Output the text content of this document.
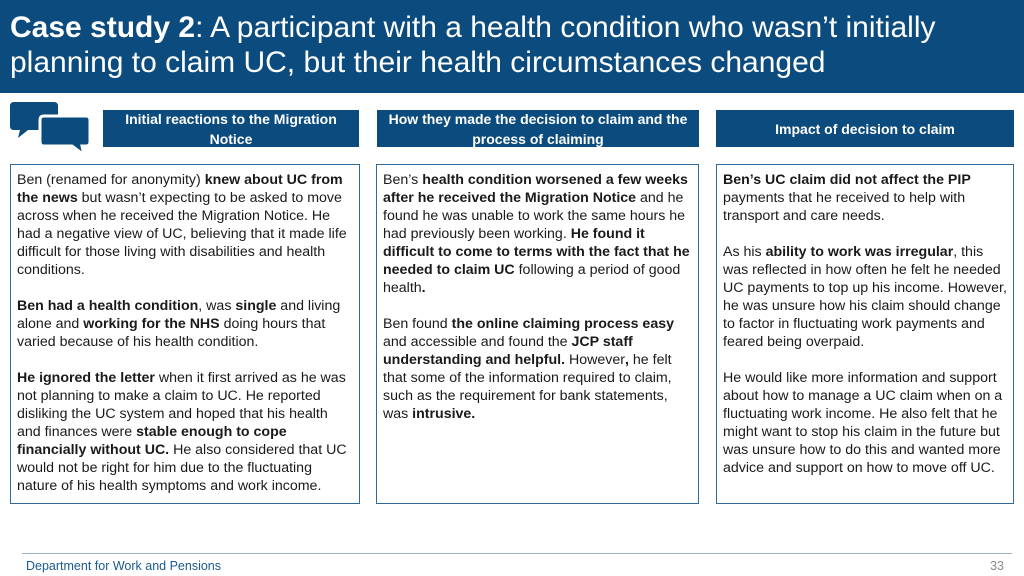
Case study 2: A participant with a health condition who wasn’t initially planning to claim UC, but their health circumstances changed
Initial reactions to the Migration Notice
How they made the decision to claim and the process of claiming
Impact of decision to claim

Ben (renamed for anonymity) knew about UC from the news but wasn’t expecting to be asked to move across when he received the Migration Notice. He had a negative view of UC, believing that it made life difficult for those living with disabilities and health conditions.

Ben had a health condition, was single and living alone and working for the NHS doing hours that varied because of his health condition.

He ignored the letter when it first arrived as he was not planning to make a claim to UC. He reported disliking the UC system and hoped that his health and finances were stable enough to cope financially without UC. He also considered that UC would not be right for him due to the fluctuating nature of his health symptoms and work income.

Ben’s health condition worsened a few weeks after he received the Migration Notice and he found he was unable to work the same hours he had previously been working. He found it difficult to come to terms with the fact that he needed to claim UC following a period of good health.

Ben found the online claiming process easy and accessible and found the JCP staff understanding and helpful. However, he felt that some of the information required to claim, such as the requirement for bank statements, was intrusive.

Ben’s UC claim did not affect the PIP payments that he received to help with transport and care needs.

As his ability to work was irregular, this was reflected in how often he felt he needed UC payments to top up his income. However, he was unsure how his claim should change to factor in fluctuating work payments and feared being overpaid.

He would like more information and support about how to manage a UC claim when on a fluctuating work income. He also felt that he might want to stop his claim in the future but was unsure how to do this and wanted more advice and support on how to move off UC.

Department for Work and Pensions	33
